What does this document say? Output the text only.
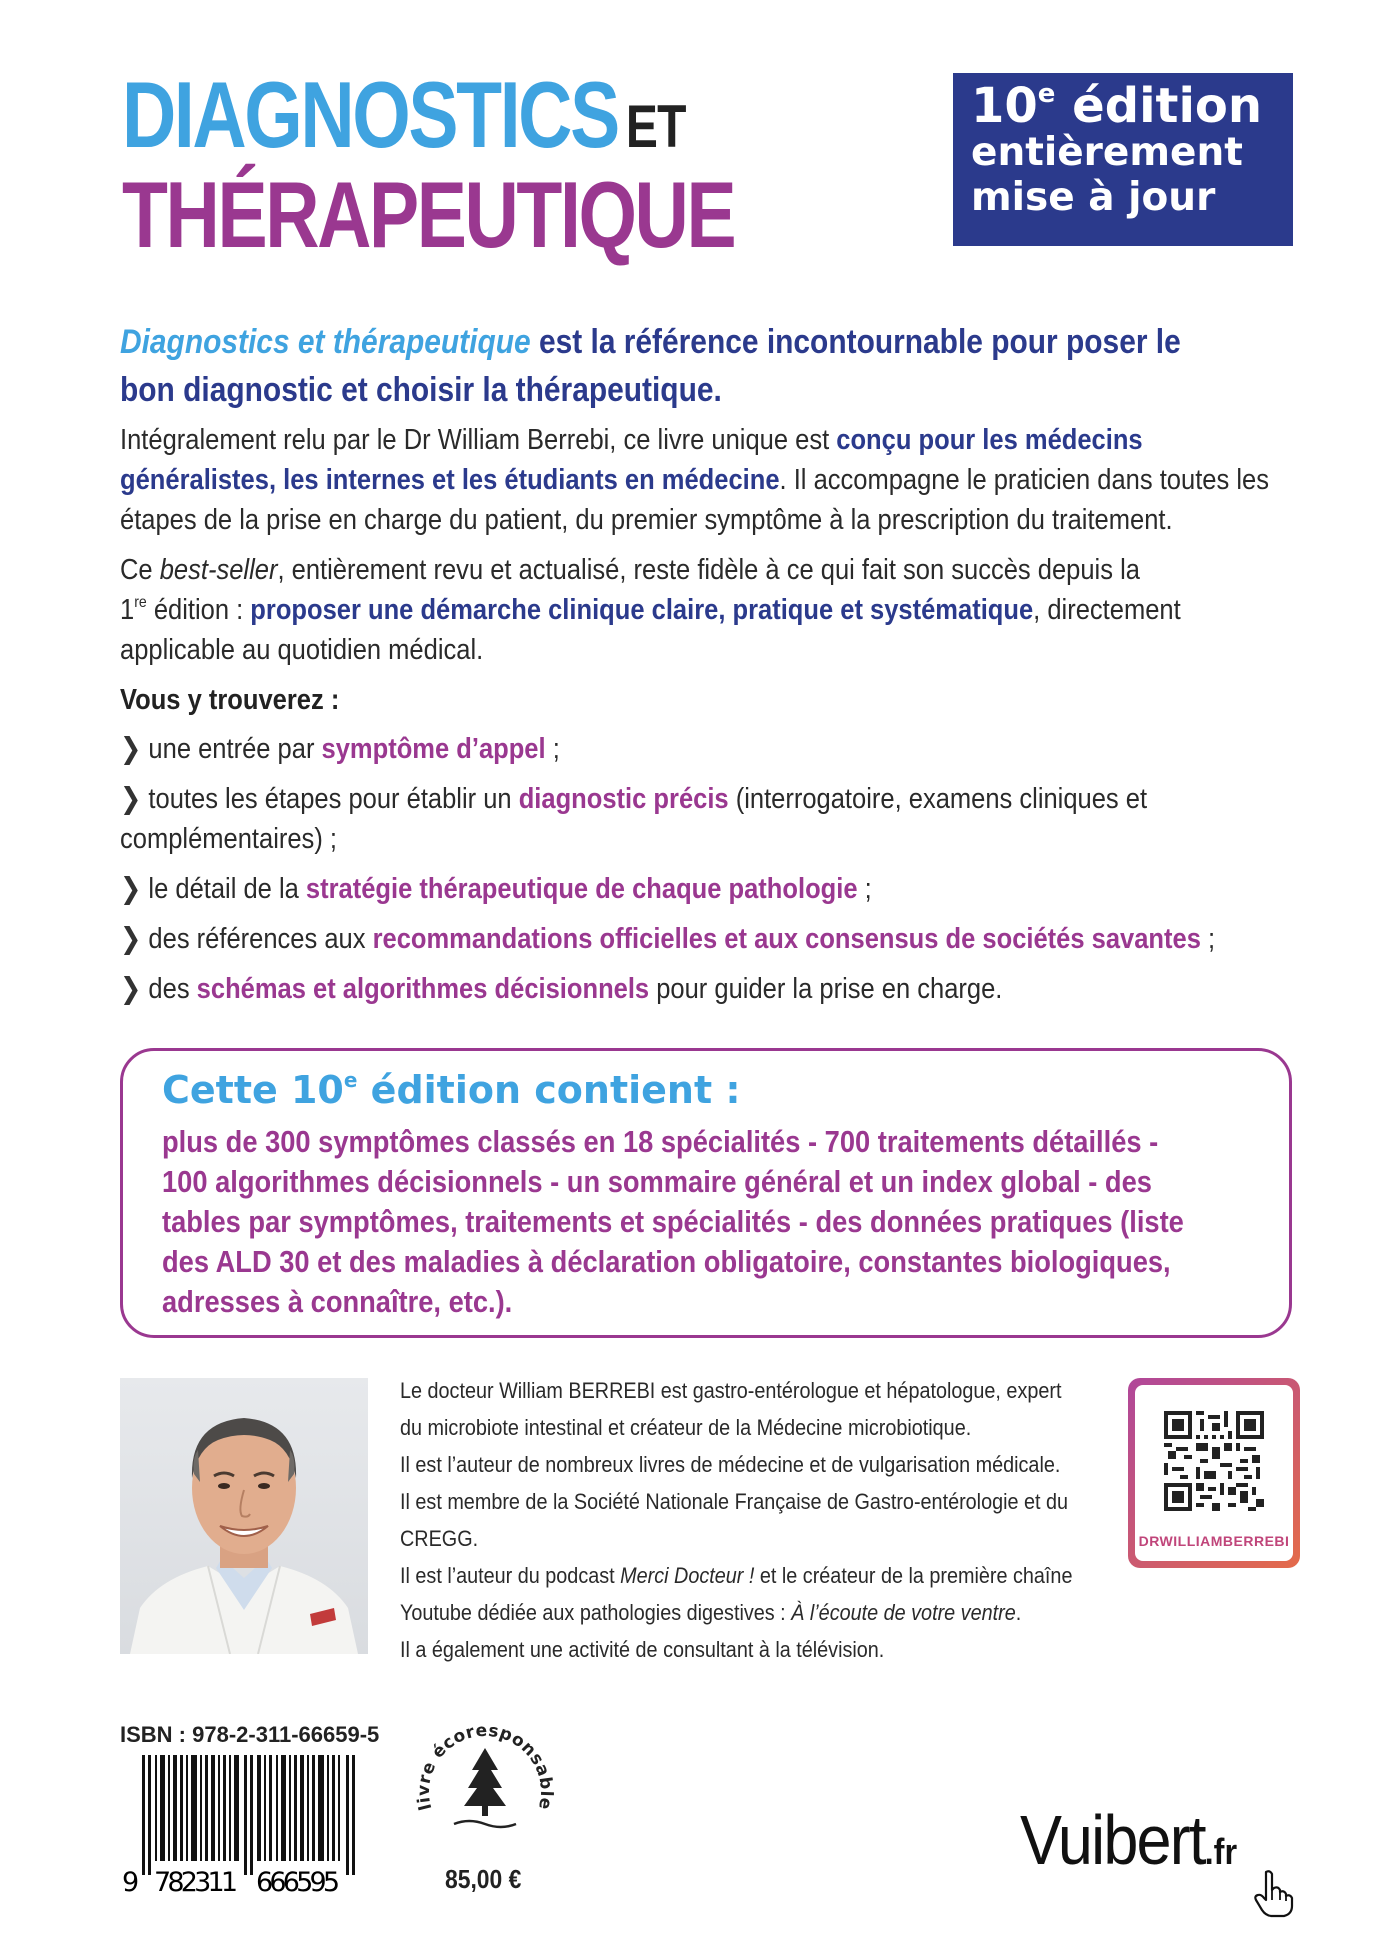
DIAGNOSTICS ET
THÉRAPEUTIQUE
10e édition
entièrement
mise à jour
Diagnostics et thérapeutique est la référence incontournable pour poser le
bon diagnostic et choisir la thérapeutique.
Intégralement relu par le Dr William Berrebi, ce livre unique est conçu pour les médecins
généralistes, les internes et les étudiants en médecine. Il accompagne le praticien dans toutes les
étapes de la prise en charge du patient, du premier symptôme à la prescription du traitement.
Ce best-seller, entièrement revu et actualisé, reste fidèle à ce qui fait son succès depuis la
1re édition : proposer une démarche clinique claire, pratique et systématique, directement
applicable au quotidien médical.
Vous y trouverez :
❯ une entrée par symptôme d’appel ;
❯ toutes les étapes pour établir un diagnostic précis (interrogatoire, examens cliniques et
complémentaires) ;
❯ le détail de la stratégie thérapeutique de chaque pathologie ;
❯ des références aux recommandations officielles et aux consensus de sociétés savantes ;
❯ des schémas et algorithmes décisionnels pour guider la prise en charge.
Cette 10e édition contient :
plus de 300 symptômes classés en 18 spécialités - 700 traitements détaillés -
100 algorithmes décisionnels - un sommaire général et un index global - des
tables par symptômes, traitements et spécialités - des données pratiques (liste
des ALD 30 et des maladies à déclaration obligatoire, constantes biologiques,
adresses à connaître, etc.).
Le docteur William BERREBI est gastro-entérologue et hépatologue, expert
du microbiote intestinal et créateur de la Médecine microbiotique.
Il est l’auteur de nombreux livres de médecine et de vulgarisation médicale.
Il est membre de la Société Nationale Française de Gastro-entérologie et du
CREGG.
Il est l’auteur du podcast Merci Docteur ! et le créateur de la première chaîne
Youtube dédiée aux pathologies digestives : À l’écoute de votre ventre.
Il a également une activité de consultant à la télévision.
DRWILLIAMBERREBI
ISBN : 978-2-311-66659-5
9 782311 666595
livre écoresponsable
85,00 €	Vuibert.fr
